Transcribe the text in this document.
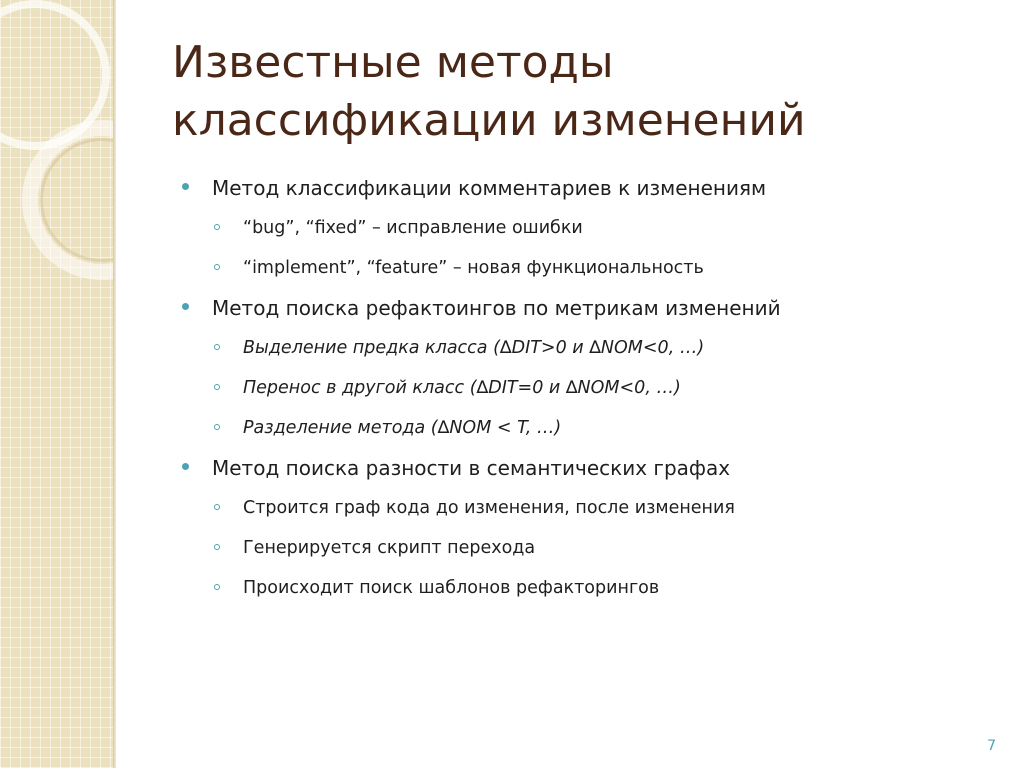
Известные методы
классификации изменений
Метод классификации комментариев к изменениям
“bug”, “fixed” – исправление ошибки
“implement”, “feature” – новая функциональность
Метод поиска рефактоингов по метрикам изменений
Выделение предка класса (∆DIT>0 и ∆NOM<0, …)
Перенос в другой класс (∆DIT=0 и ∆NOM<0, …)
Разделение метода (∆NOM < T, …)
Метод поиска разности в семантических графах
Строится граф кода до изменения, после изменения
Генерируется скрипт перехода
Происходит поиск шаблонов рефакторингов
7
